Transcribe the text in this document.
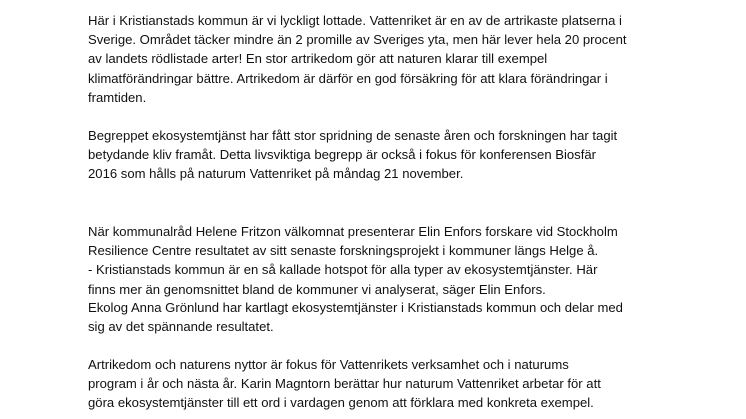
Här i Kristianstads kommun är vi lyckligt lottade. Vattenriket är en av de artrikaste platserna i
Sverige. Området täcker mindre än 2 promille av Sveriges yta, men här lever hela 20 procent
av landets rödlistade arter! En stor artrikedom gör att naturen klarar till exempel
klimatförändringar bättre. Artrikedom är därför en god försäkring för att klara förändringar i
framtiden.

Begreppet ekosystemtjänst har fått stor spridning de senaste åren och forskningen har tagit
betydande kliv framåt. Detta livsviktiga begrepp är också i fokus för konferensen Biosfär
2016 som hålls på naturum Vattenriket på måndag 21 november.

När kommunalråd Helene Fritzon välkomnat presenterar Elin Enfors forskare vid Stockholm
Resilience Centre resultatet av sitt senaste forskningsprojekt i kommuner längs Helge å.
- Kristianstads kommun är en så kallade hotspot för alla typer av ekosystemtjänster. Här
finns mer än genomsnittet bland de kommuner vi analyserat, säger Elin Enfors.

Ekolog Anna Grönlund har kartlagt ekosystemtjänster i Kristianstads kommun och delar med
sig av det spännande resultatet.

Artrikedom och naturens nyttor är fokus för Vattenrikets verksamhet och i naturums
program i år och nästa år. Karin Magntorn berättar hur naturum Vattenriket arbetar för att
göra ekosystemtjänster till ett ord i vardagen genom att förklara med konkreta exempel.
